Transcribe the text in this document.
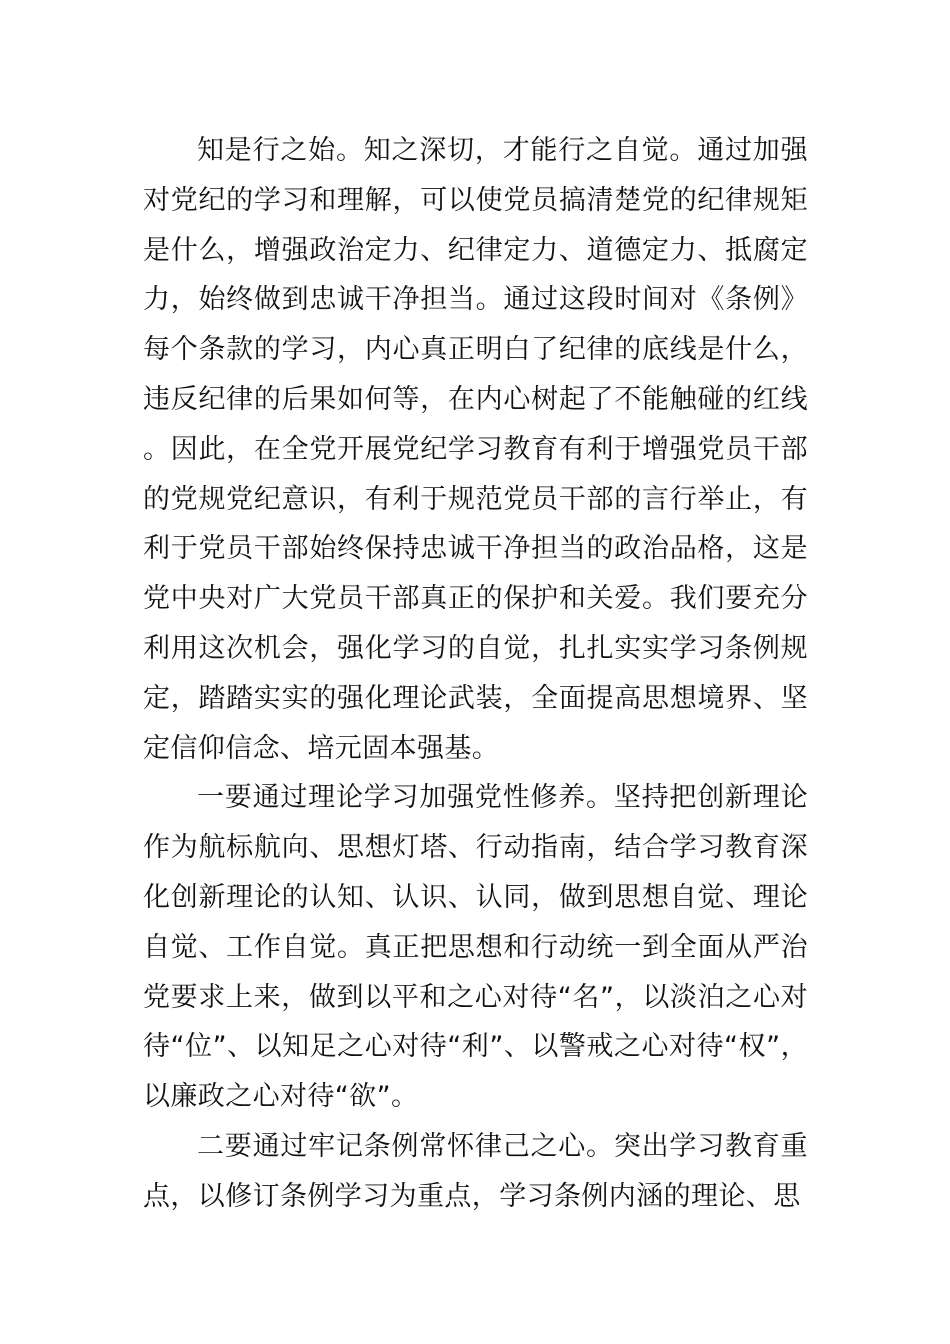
知是行之始。知之深切，才能行之自觉。通过加强对党纪的学习和理解，可以使党员搞清楚党的纪律规矩是什么，增强政治定力、纪律定力、道德定力、抵腐定力，始终做到忠诚干净担当。通过这段时间对《条例》每个条款的学习，内心真正明白了纪律的底线是什么，违反纪律的后果如何等，在内心树起了不能触碰的红线。因此，在全党开展党纪学习教育有利于增强党员干部的党规党纪意识，有利于规范党员干部的言行举止，有利于党员干部始终保持忠诚干净担当的政治品格，这是党中央对广大党员干部真正的保护和关爱。我们要充分利用这次机会，强化学习的自觉，扎扎实实学习条例规定，踏踏实实的强化理论武装，全面提高思想境界、坚定信仰信念、培元固本强基。

一要通过理论学习加强党性修养。坚持把创新理论作为航标航向、思想灯塔、行动指南，结合学习教育深化创新理论的认知、认识、认同，做到思想自觉、理论自觉、工作自觉。真正把思想和行动统一到全面从严治党要求上来，做到以平和之心对待“名”，以淡泊之心对待“位”、以知足之心对待“利”、以警戒之心对待“权”，以廉政之心对待“欲”。

二要通过牢记条例常怀律己之心。突出学习教育重点，以修订条例学习为重点，学习条例内涵的理论、思
